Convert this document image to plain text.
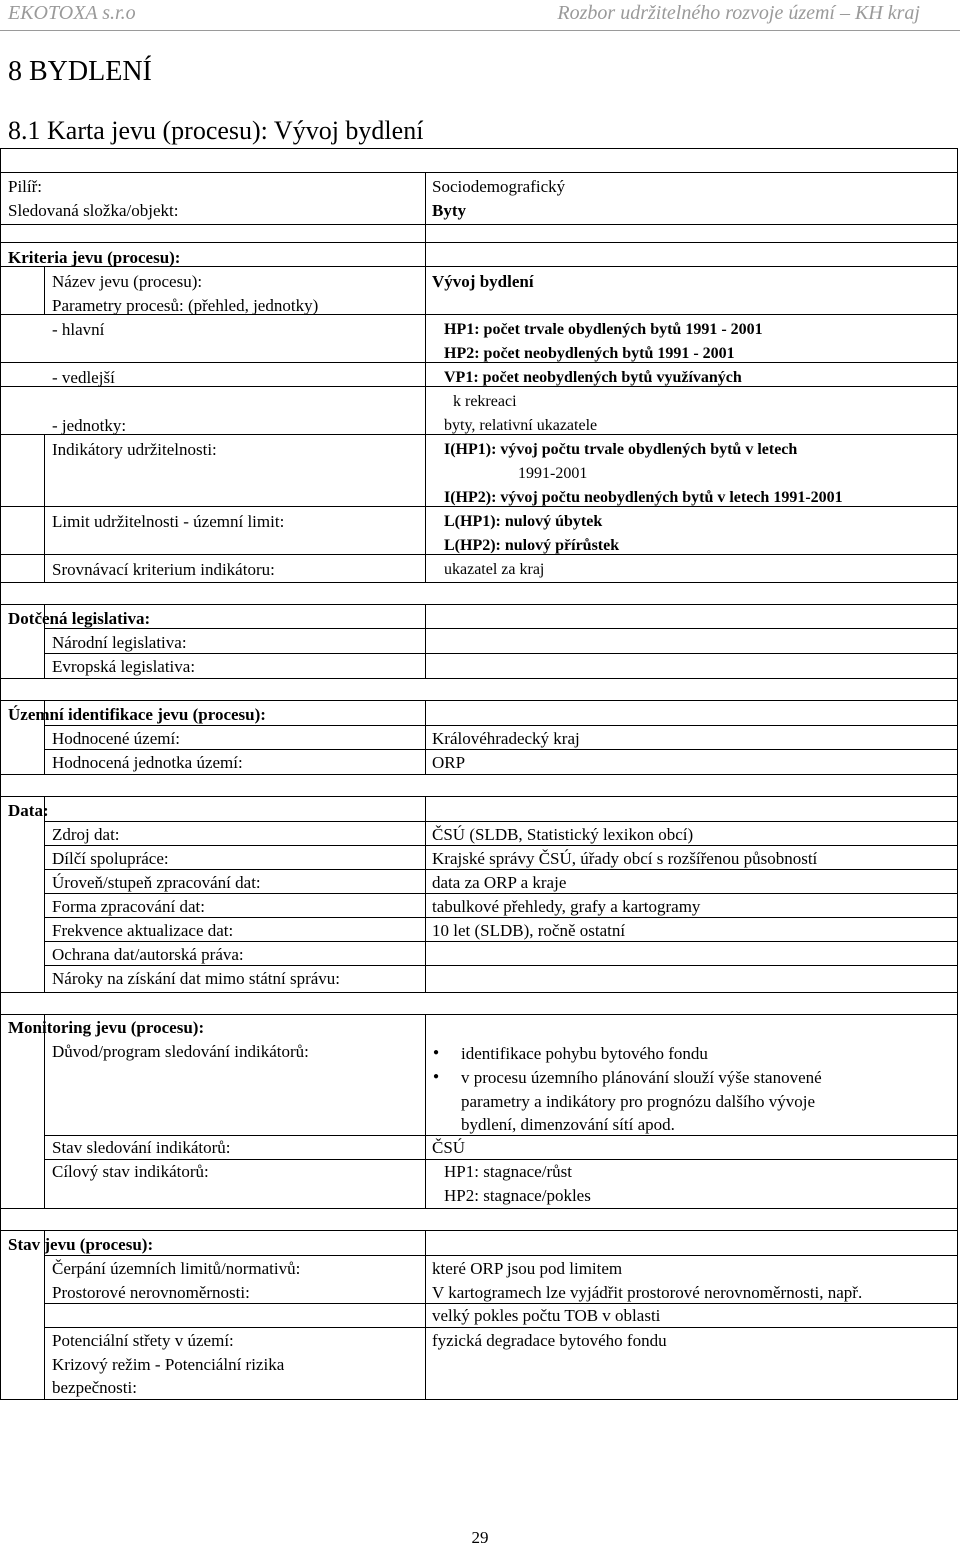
EKOTOXA s.r.o	Rozbor udržitelného rozvoje území – KH kraj
8 BYDLENÍ
8.1 Karta jevu (procesu): Vývoj bydlení
Pilíř:	Sociodemografický
Sledovaná složka/objekt:	Byty
Kriteria jevu (procesu):
Název jevu (procesu):	Vývoj bydlení
Parametry procesů: (přehled, jednotky)
- hlavní	HP1: počet trvale obydlených bytů 1991 - 2001
HP2: počet neobydlených bytů 1991 - 2001
- vedlejší	VP1: počet neobydlených bytů využívaných
k rekreaci
- jednotky:	byty, relativní ukazatele
Indikátory udržitelnosti:	I(HP1): vývoj počtu trvale obydlených bytů v letech
1991-2001
I(HP2): vývoj počtu neobydlených bytů v letech 1991-2001
Limit udržitelnosti - územní limit:	L(HP1): nulový úbytek
L(HP2): nulový přírůstek
Srovnávací kriterium indikátoru:	ukazatel za kraj
Dotčená legislativa:
Národní legislativa:
Evropská legislativa:
Územní identifikace jevu (procesu):
Hodnocené území:	Královéhradecký kraj
Hodnocená jednotka území:	ORP
Data:
Zdroj dat:	ČSÚ (SLDB, Statistický lexikon obcí)
Dílčí spolupráce:	Krajské správy ČSÚ, úřady obcí s rozšířenou působností
Úroveň/stupeň zpracování dat:	data za ORP a kraje
Forma zpracování dat:	tabulkové přehledy, grafy a kartogramy
Frekvence aktualizace dat:	10 let (SLDB), ročně ostatní
Ochrana dat/autorská práva:
Nároky na získání dat mimo státní správu:
Monitoring jevu (procesu):
Důvod/program sledování indikátorů:	● identifikace pohybu bytového fondu
● v procesu územního plánování slouží výše stanovené
parametry a indikátory pro prognózu dalšího vývoje
bydlení, dimenzování sítí apod.
Stav sledování indikátorů:	ČSÚ
Cílový stav indikátorů:	HP1: stagnace/růst
HP2: stagnace/pokles
Stav jevu (procesu):
Čerpání územních limitů/normativů:	které ORP jsou pod limitem
Prostorové nerovnoměrnosti:	V kartogramech lze vyjádřit prostorové nerovnoměrnosti, např.
velký pokles počtu TOB v oblasti
Potenciální střety v území:	fyzická degradace bytového fondu
Krizový režim - Potenciální rizika
bezpečnosti:
29
